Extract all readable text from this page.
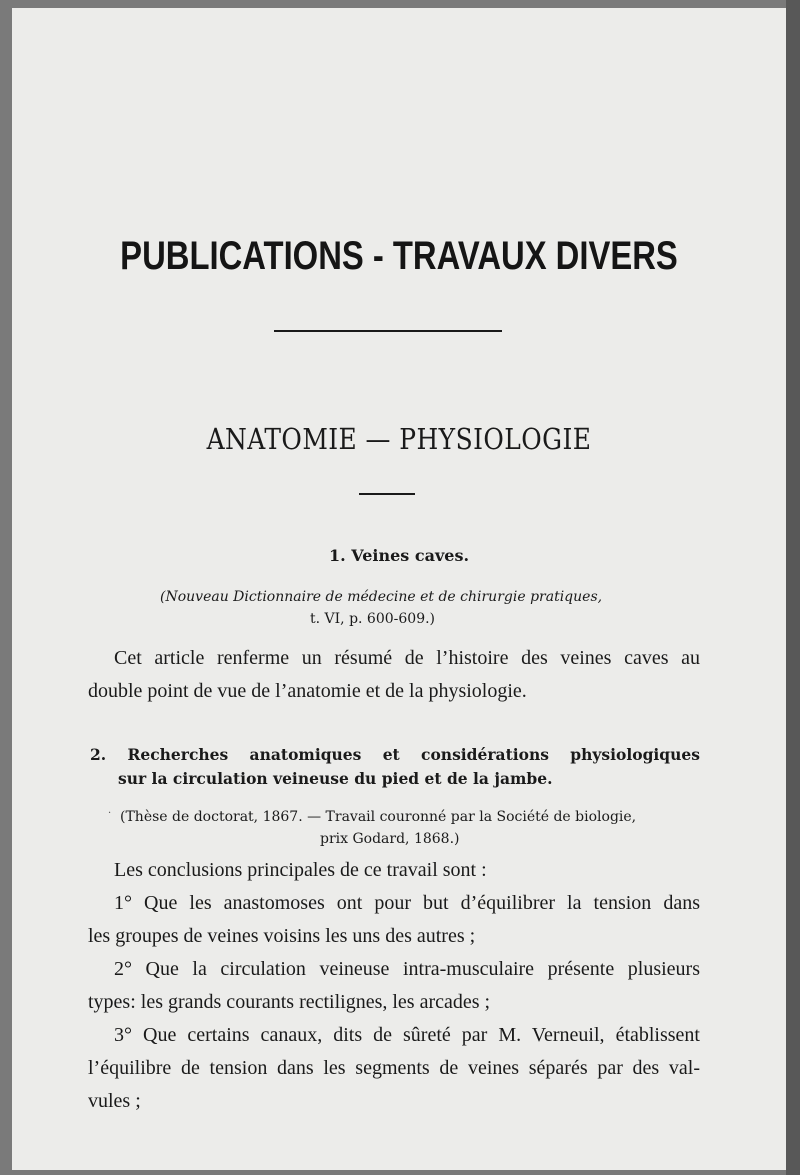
PUBLICATIONS - TRAVAUX DIVERS
ANATOMIE — PHYSIOLOGIE
1. Veines caves.
(Nouveau Dictionnaire de médecine et de chirurgie pratiques,
t. VI, p. 600-609.)
Cet article renferme un résumé de l’histoire des veines caves au
double point de vue de l’anatomie et de la physiologie.
2. Recherches anatomiques et considérations physiologiques
sur la circulation veineuse du pied et de la jambe.
(Thèse de doctorat, 1867. — Travail couronné par la Société de biologie,
prix Godard, 1868.)
·
Les conclusions principales de ce travail sont :
1° Que les anastomoses ont pour but d’équilibrer la tension dans
les groupes de veines voisins les uns des autres ;
2° Que la circulation veineuse intra-musculaire présente plusieurs
types: les grands courants rectilignes, les arcades ;
3° Que certains canaux, dits de sûreté par M. Verneuil, établissent
l’équilibre de tension dans les segments de veines séparés par des val-
vules ;
